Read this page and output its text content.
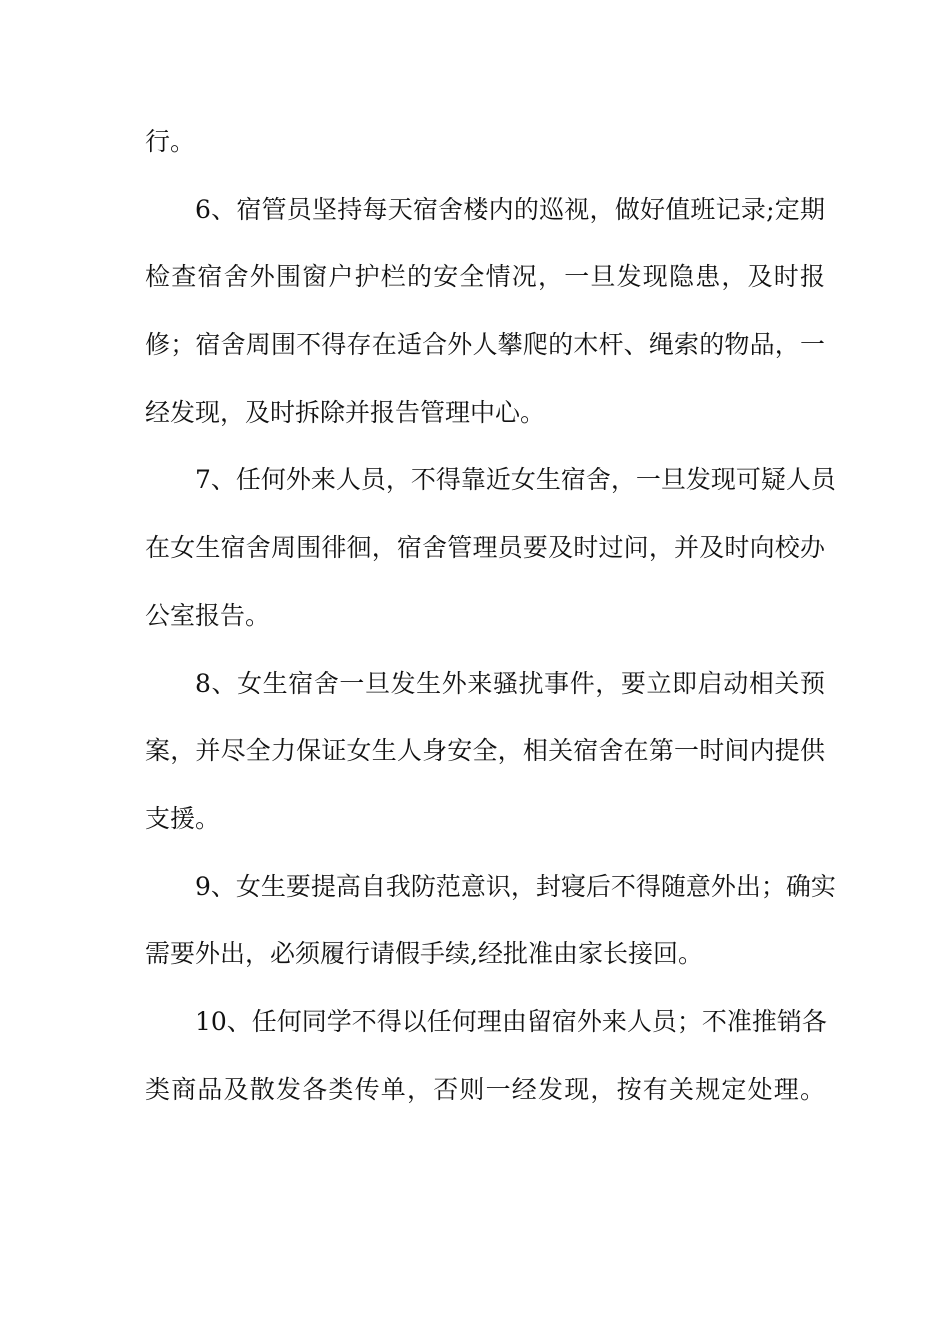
行。
6、宿管员坚持每天宿舍楼内的巡视，做好值班记录;定期
检查宿舍外围窗户护栏的安全情况，一旦发现隐患，及时报
修；宿舍周围不得存在适合外人攀爬的木杆、绳索的物品，一
经发现，及时拆除并报告管理中心。
7、任何外来人员，不得靠近女生宿舍，一旦发现可疑人员
在女生宿舍周围徘徊，宿舍管理员要及时过问，并及时向校办
公室报告。
8、女生宿舍一旦发生外来骚扰事件，要立即启动相关预
案，并尽全力保证女生人身安全，相关宿舍在第一时间内提供
支援。
9、女生要提高自我防范意识，封寝后不得随意外出；确实
需要外出，必须履行请假手续,经批准由家长接回。
10、任何同学不得以任何理由留宿外来人员；不准推销各
类商品及散发各类传单，否则一经发现，按有关规定处理。
